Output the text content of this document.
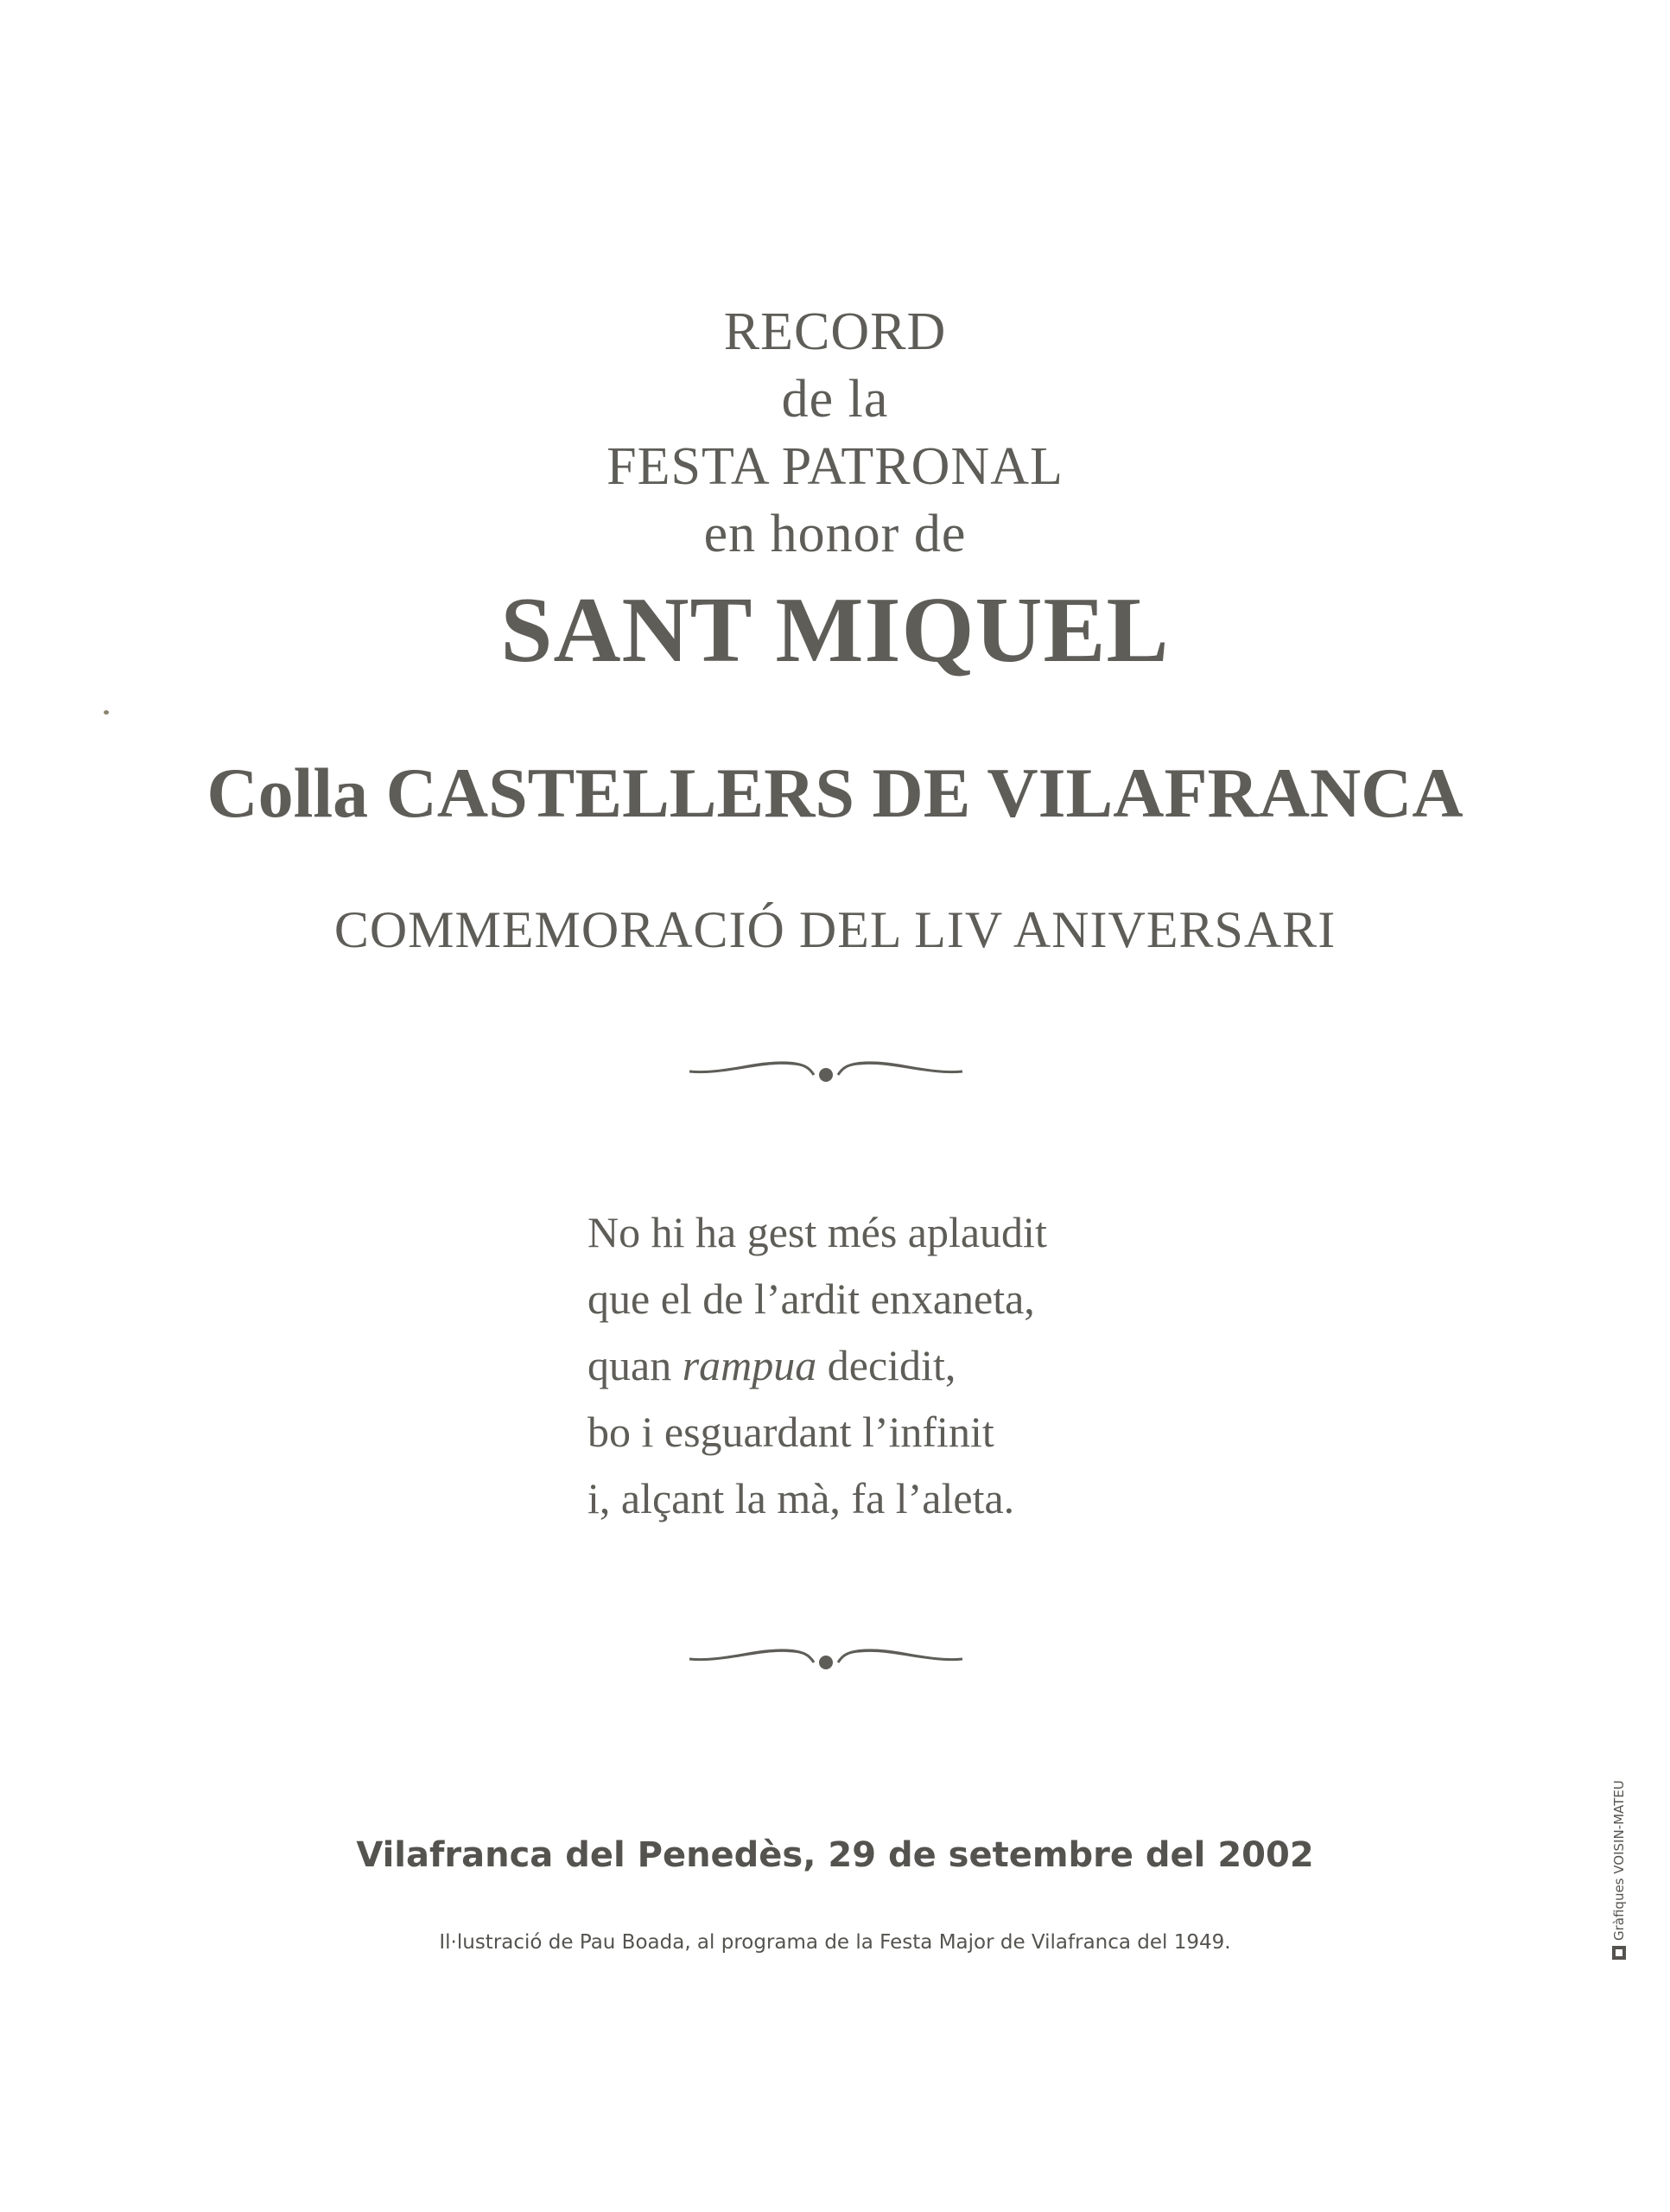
RECORD
de la
FESTA PATRONAL
en honor de
SANT MIQUEL
Colla CASTELLERS DE VILAFRANCA
COMMEMORACIÓ DEL LIV ANIVERSARI
No hi ha gest més aplaudit
que el de l’ardit enxaneta,
quan rampua decidit,
bo i esguardant l’infinit
i, alçant la mà, fa l’aleta.
Vilafranca del Penedès, 29 de setembre del 2002
Il·lustració de Pau Boada, al programa de la Festa Major de Vilafranca del 1949.
Gràfiques VOISIN-MATEU
